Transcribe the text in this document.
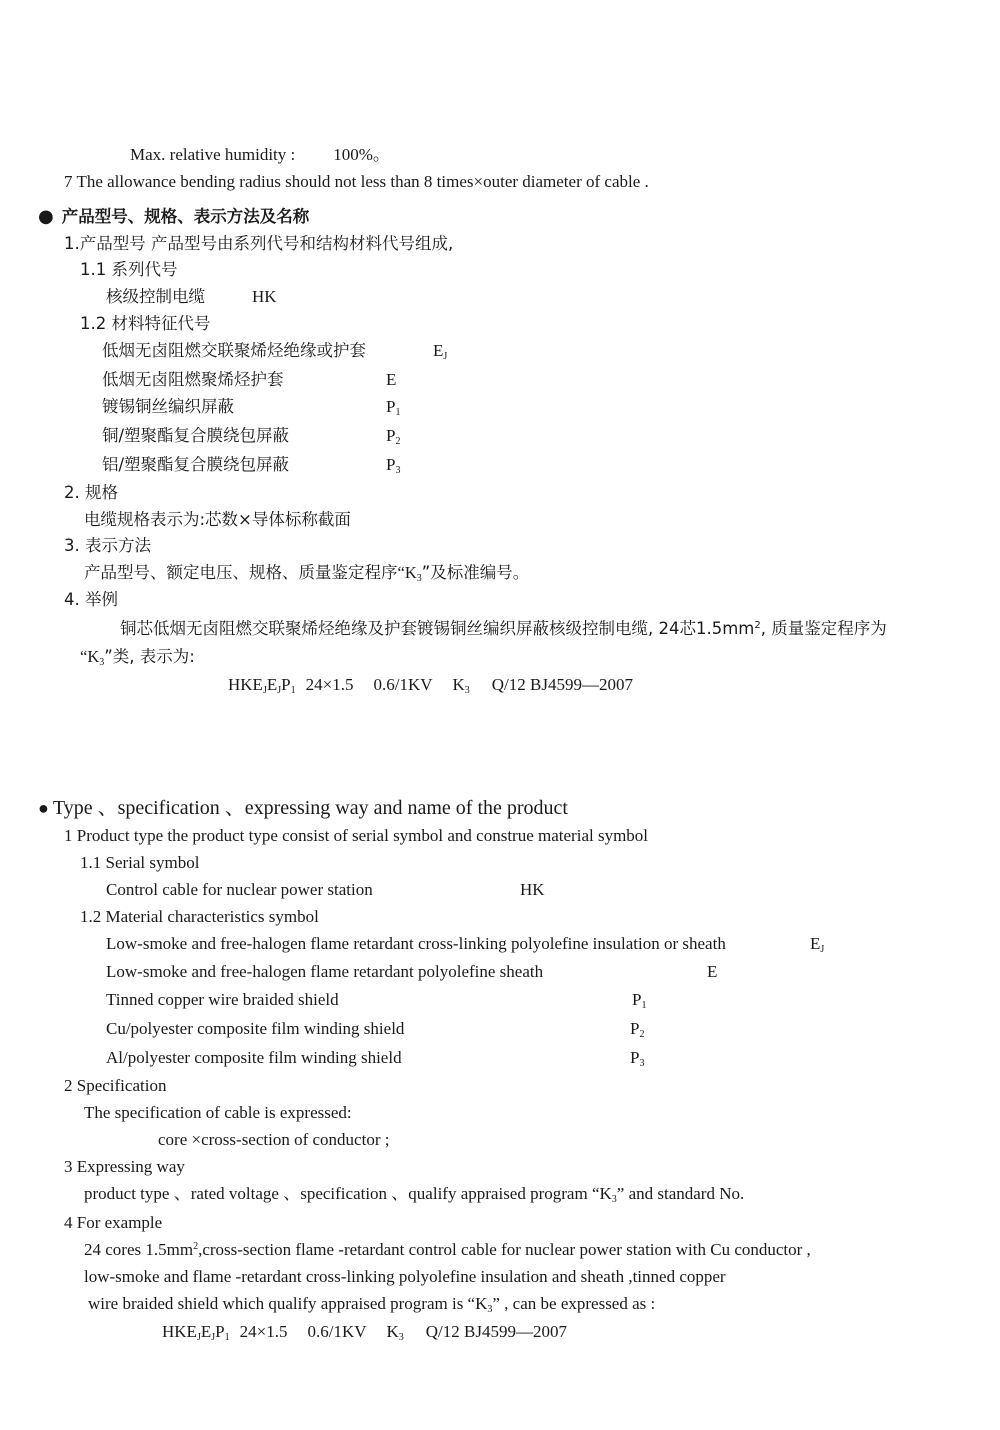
Max. relative humidity : 100%。
7 The allowance bending radius should not less than 8 times×outer diameter of cable .
● 产品型号、规格、表示方法及名称
1.产品型号 产品型号由系列代号和结构材料代号组成,
1.1 系列代号
核级控制电缆	HK
1.2 材料特征代号
低烟无卤阻燃交联聚烯烃绝缘或护套	$E_J$
低烟无卤阻燃聚烯烃护套	E
镀锡铜丝编织屏蔽	$P_1$
铜/塑聚酯复合膜绕包屏蔽	$P_2$
铝/塑聚酯复合膜绕包屏蔽	$P_3$
2. 规格
电缆规格表示为:芯数×导体标称截面
3. 表示方法
产品型号、额定电压、规格、质量鉴定程序“$K_3$”及标准编号。
4. 举例
铜芯低烟无卤阻燃交联聚烯烃绝缘及护套镀锡铜丝编织屏蔽核级控制电缆, 24芯$1.5mm^2$, 质量鉴定程序为
“$K_3$”类, 表示为:
$HKE_JE_JP_1$ 24×1.5 0.6/1KV $K_3$ Q/12 BJ4599—2007
● Type 、specification 、expressing way and name of the product
1 Product type the product type consist of serial symbol and construe material symbol
1.1 Serial symbol
Control cable for nuclear power station	HK
1.2 Material characteristics symbol
Low-smoke and free-halogen flame retardant cross-linking polyolefine insulation or sheath	$E_J$
Low-smoke and free-halogen flame retardant polyolefine sheath	E
Tinned copper wire braided shield	$P_1$
Cu/polyester composite film winding shield	$P_2$
Al/polyester composite film winding shield	$P_3$
2 Specification
The specification of cable is expressed:
core ×cross-section of conductor ;
3 Expressing way
product type 、rated voltage 、specification 、qualify appraised program “$K_3$” and standard No.
4 For example
24 cores $1.5mm^2,cross$-section flame -retardant control cable for nuclear power station with Cu conductor ,
low-smoke and flame -retardant cross-linking polyolefine insulation and sheath ,tinned copper
wire braided shield which qualify appraised program is “$K_3$” , can be expressed as :
$HKE_JE_JP_1$ 24×1.5 0.6/1KV $K_3$ Q/12 BJ4599—2007
